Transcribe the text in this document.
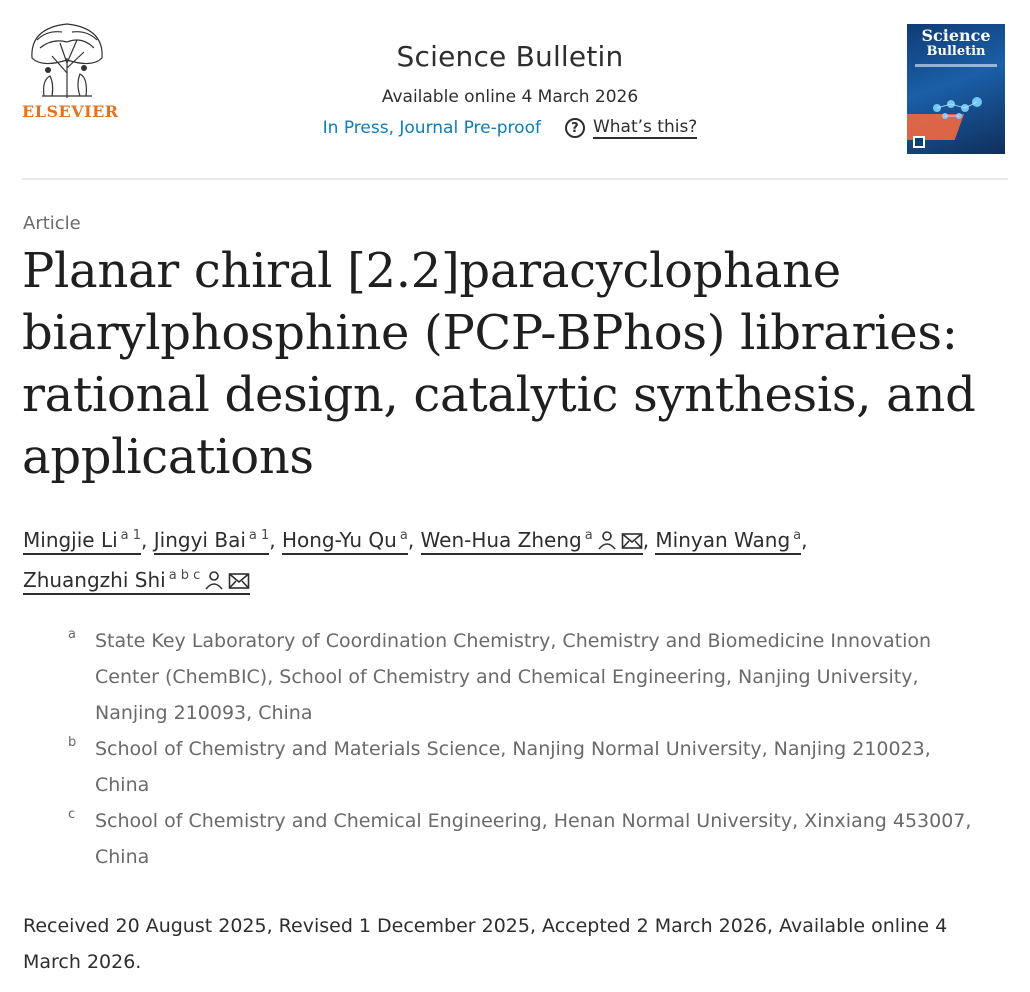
ELSEVIER
Science Bulletin
Available online 4 March 2026
In Press, Journal Pre-proof	? What’s this?
Science
Bulletin
Article
Planar chiral [2.2]paracyclophane biarylphosphine (PCP-BPhos) libraries: rational design, catalytic synthesis, and applications
Mingjie Li $^{a 1}$, Jingyi Bai $^{a 1}$, Hong-Yu Qu $^a$, Wen-Hua Zheng $^a$	, Minyan Wang $^a$,
Zhuangzhi Shi $^{a b c}$
a	State Key Laboratory of Coordination Chemistry, Chemistry and Biomedicine Innovation Center (ChemBIC), School of Chemistry and Chemical Engineering, Nanjing University, Nanjing 210093, China
b School of Chemistry and Materials Science, Nanjing Normal University, Nanjing 210023, China
c	School of Chemistry and Chemical Engineering, Henan Normal University, Xinxiang 453007, China
Received 20 August 2025, Revised 1 December 2025, Accepted 2 March 2026, Available online 4 March 2026.
